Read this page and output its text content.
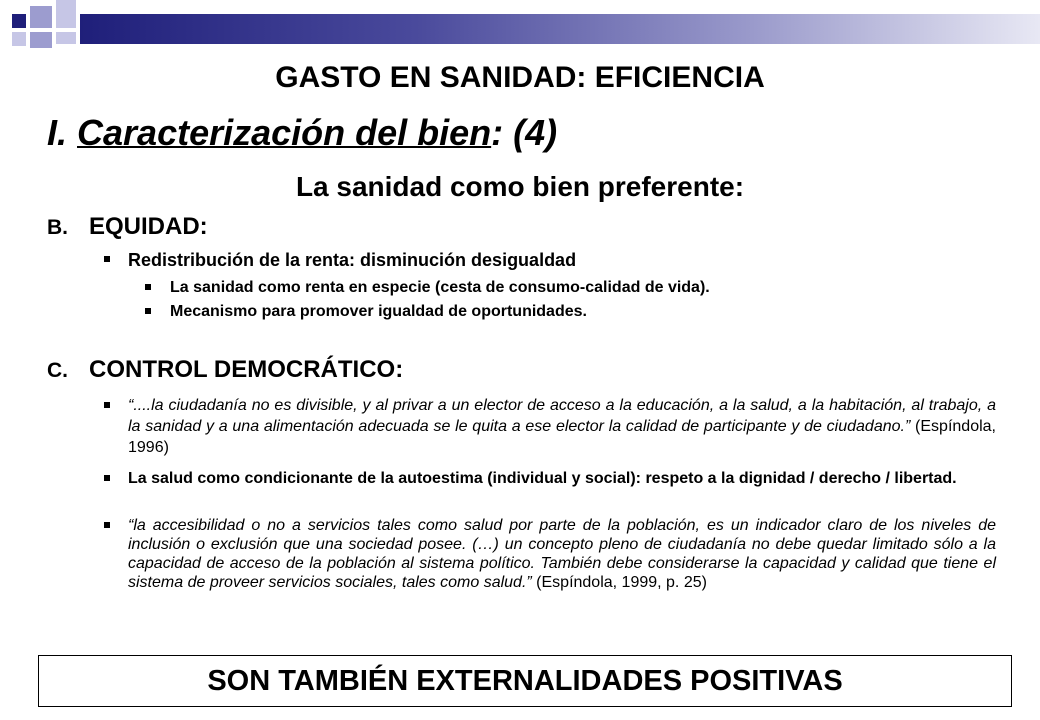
GASTO EN SANIDAD: EFICIENCIA
I. Caracterización del bien: (4)
La sanidad como bien preferente:
B. EQUIDAD:
Redistribución de la renta: disminución desigualdad
La sanidad como renta en especie (cesta de consumo-calidad de vida).
Mecanismo para promover igualdad de oportunidades.
C. CONTROL DEMOCRÁTICO:
“....la ciudadanía no es divisible, y al privar a un elector de acceso a la educación, a la salud, a la habitación, al trabajo, a la sanidad y a una alimentación adecuada se le quita a ese elector la calidad de participante y de ciudadano.” (Espíndola, 1996)
La salud como condicionante de la autoestima (individual y social): respeto a la dignidad / derecho / libertad.
“la accesibilidad o no a servicios tales como salud por parte de la población, es un indicador claro de los niveles de inclusión o exclusión que una sociedad posee. (…) un concepto pleno de ciudadanía no debe quedar limitado sólo a la capacidad de acceso de la población al sistema político. También debe considerarse la capacidad y calidad que tiene el sistema de proveer servicios sociales, tales como salud.” (Espíndola, 1999, p. 25)
SON TAMBIÉN EXTERNALIDADES POSITIVAS
